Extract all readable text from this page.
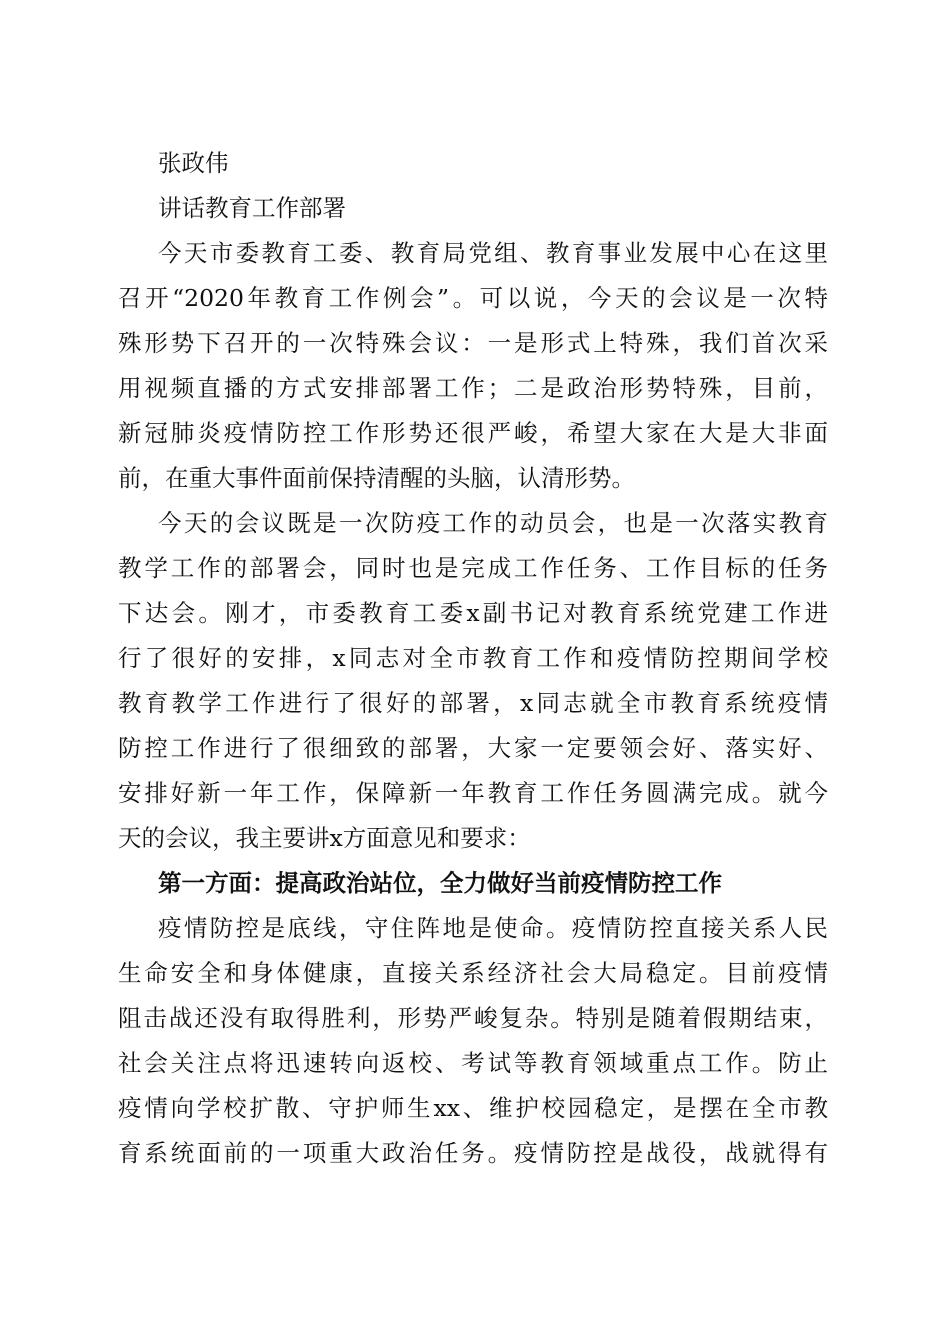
张政伟
讲话教育工作部署
今天市委教育工委、教育局党组、教育事业发展中心在这里
召开“2020年教育工作例会”。可以说，今天的会议是一次特
殊形势下召开的一次特殊会议：一是形式上特殊，我们首次采
用视频直播的方式安排部署工作；二是政治形势特殊，目前，
新冠肺炎疫情防控工作形势还很严峻，希望大家在大是大非面
前，在重大事件面前保持清醒的头脑，认清形势。
今天的会议既是一次防疫工作的动员会，也是一次落实教育
教学工作的部署会，同时也是完成工作任务、工作目标的任务
下达会。刚才，市委教育工委x副书记对教育系统党建工作进
行了很好的安排，x同志对全市教育工作和疫情防控期间学校
教育教学工作进行了很好的部署，x同志就全市教育系统疫情
防控工作进行了很细致的部署，大家一定要领会好、落实好、
安排好新一年工作，保障新一年教育工作任务圆满完成。就今
天的会议，我主要讲x方面意见和要求：
第一方面：提高政治站位，全力做好当前疫情防控工作
疫情防控是底线，守住阵地是使命。疫情防控直接关系人民
生命安全和身体健康，直接关系经济社会大局稳定。目前疫情
阻击战还没有取得胜利，形势严峻复杂。特别是随着假期结束，
社会关注点将迅速转向返校、考试等教育领域重点工作。防止
疫情向学校扩散、守护师生xx、维护校园稳定，是摆在全市教
育系统面前的一项重大政治任务。疫情防控是战役，战就得有
